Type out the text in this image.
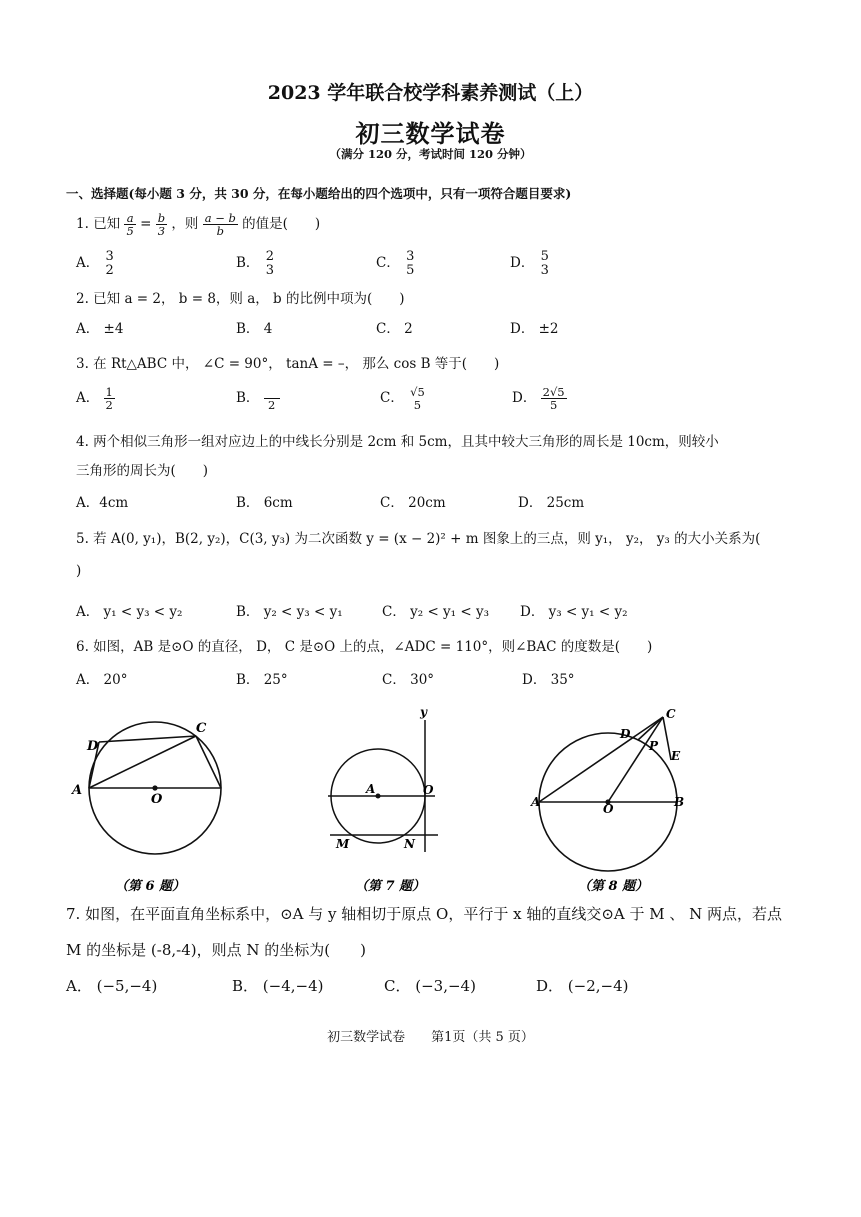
2023 学年联合校学科素养测试（上）
初三数学试卷
（满分 120 分，考试时间 120 分钟）
一、选择题(每小题 3 分，共 30 分，在每小题给出的四个选项中，只有一项符合题目要求)
1. 已知 $\frac{a}{5} = \frac{b}{3}$ ，则 $\frac{a - b}{b}$ 的值是(　　)
A． 3
2	B． 2
3	C． 3
5	D． 5
3
2. 已知 a = 2， b = 8，则 a， b 的比例中项为(　　)
A． ±4	B． 4	C． 2	D． ±2
3. 在 Rt△ABC 中， ∠C = 90°， tanA = –， 那么 cos B 等于(　　)
A． $\frac{1}{2}$	B． 2	C． √5
5	D． $\frac{2√5}{5}$
4. 两个相似三角形一组对应边上的中线长分别是 2cm 和 5cm，且其中较大三角形的周长是 10cm，则较小
三角形的周长为(　　)
A．4cm	B． 6cm	C． 20cm	D． 25cm
5. 若 A(0, y₁)，B(2, y₂)，C(3, y₃) 为二次函数 y = (x − 2)² + m 图象上的三点，则 y₁， y₂， y₃ 的大小关系为(
)
A． y₁ < y₃ < y₂	B． y₂ < y₃ < y₁	C． y₂ < y₁ < y₃ D． y₃ < y₁ < y₂
6. 如图，AB 是⊙O 的直径， D， C 是⊙O 上的点，∠ADC = 110°，则∠BAC 的度数是(　　)
A． 20°	B． 25°	C． 30°	D． 35°
A
D
C
O
（第 6 题）
y
A	O
M	N
（第 7 题）
C
D
P
E
A	O	B
（第 8 题）
7. 如图，在平面直角坐标系中，⊙A 与 y 轴相切于原点 O，平行于 x 轴的直线交⊙A 于 M 、 N 两点，若点
M 的坐标是 (-8,-4)，则点 N 的坐标为(　　)
A． (−5,−4)	B． (−4,−4)	C． (−3,−4)	D． (−2,−4)
初三数学试卷　　第1页（共 5 页）
